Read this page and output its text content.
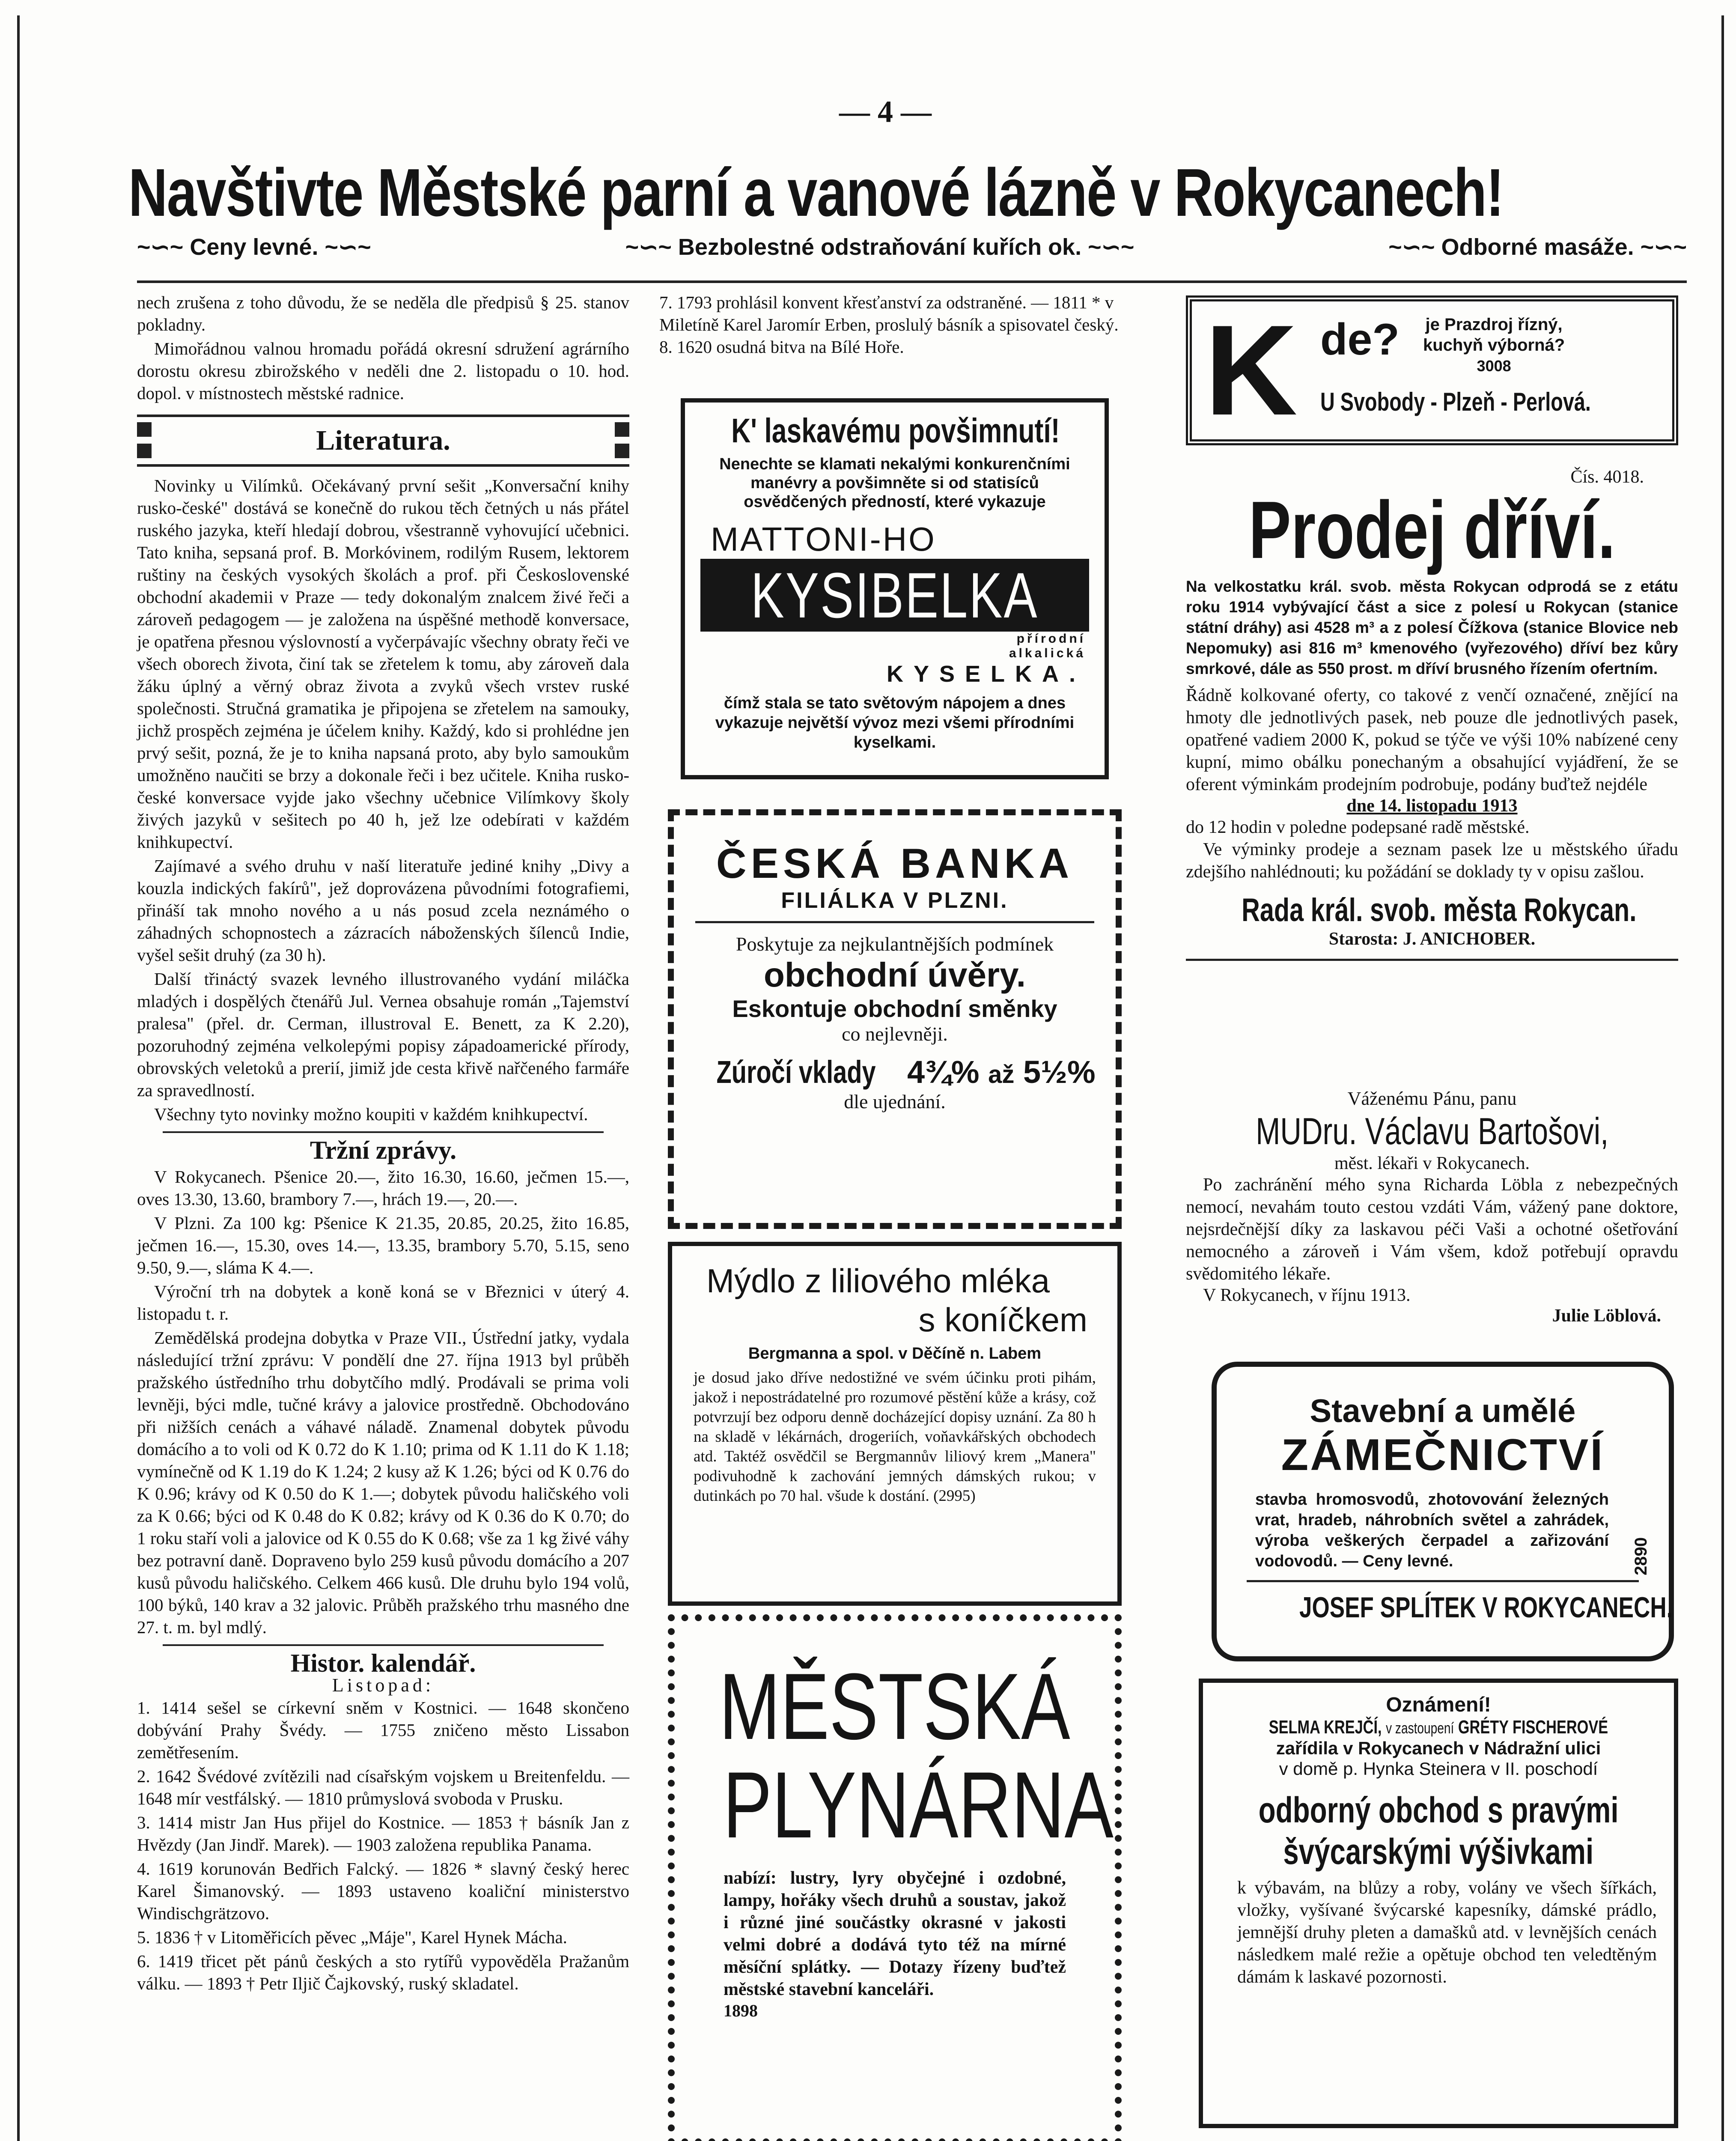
— 4 —
Navštivte Městské parní a vanové lázně v Rokycanech!
~∽~ Ceny levné. ~∽~	~∽~ Bezbolestné odstraňování kuřích ok. ~∽~	~∽~ Odborné masáže. ~∽~

nech zrušena z toho důvodu, že se neděla dle předpisů § 25. stanov pokladny.

Mimořádnou valnou hromadu pořádá okresní sdružení agrárního dorostu okresu zbirožského v neděli dne 2. listopadu o 10. hod. dopol. v místnostech městské radnice.

Literatura.

Novinky u Vilímků. Očekávaný první sešit „Konversační knihy rusko-české" dostává se konečně do rukou těch četných u nás přátel ruského jazyka, kteří hledají dobrou, všestranně vyhovující učebnici. Tato kniha, sepsaná prof. B. Morkóvinem, rodilým Rusem, lektorem ruštiny na českých vysokých školách a prof. při Československé obchodní akademii v Praze — tedy dokonalým znalcem živé řeči a zároveň pedagogem — je založena na úspěšné methodě konversace, je opatřena přesnou výslovností a vyčerpávajíc všechny obraty řeči ve všech oborech života, činí tak se zřetelem k tomu, aby zároveň dala žáku úplný a věrný obraz života a zvyků všech vrstev ruské společnosti. Stručná gramatika je připojena se zřetelem na samouky, jichž prospěch zejména je účelem knihy. Každý, kdo si prohlédne jen prvý sešit, pozná, že je to kniha napsaná proto, aby bylo samoukům umožněno naučiti se brzy a dokonale řeči i bez učitele. Kniha rusko-české konversace vyjde jako všechny učebnice Vilímkovy školy živých jazyků v sešitech po 40 h, jež lze odebírati v každém knihkupectví.

Zajímavé a svého druhu v naší literatuře jediné knihy „Divy a kouzla indických fakírů", jež doprovázena původními fotografiemi, přináší tak mnoho nového a u nás posud zcela neznámého o záhadných schopnostech a zázracích náboženských šílenců Indie, vyšel sešit druhý (za 30 h).

Další třináctý svazek levného illustrovaného vydání miláčka mladých i dospělých čtenářů Jul. Vernea obsahuje román „Tajemství pralesa" (přel. dr. Cerman, illustroval E. Benett, za K 2.20), pozoruhodný zejména velkolepými popisy západoamerické přírody, obrovských veletoků a prerií, jimiž jde cesta křivě nařčeného farmáře za spravedlností.

Všechny tyto novinky možno koupiti v každém knihkupectví.

Tržní zprávy.

V Rokycanech. Pšenice 20.—, žito 16.30, 16.60, ječmen 15.—, oves 13.30, 13.60, brambory 7.—, hrách 19.—, 20.—.

V Plzni. Za 100 kg: Pšenice K 21.35, 20.85, 20.25, žito 16.85, ječmen 16.—, 15.30, oves 14.—, 13.35, brambory 5.70, 5.15, seno 9.50, 9.—, sláma K 4.—.

Výroční trh na dobytek a koně koná se v Březnici v úterý 4. listopadu t. r.

Zemědělská prodejna dobytka v Praze VII., Ústřední jatky, vydala následující tržní zprávu: V pondělí dne 27. října 1913 byl průběh pražského ústředního trhu dobytčího mdlý. Prodávali se prima voli levněji, býci mdle, tučné krávy a jalovice prostředně. Obchodováno při nižších cenách a váhavé náladě. Znamenal dobytek původu domácího a to voli od K 0.72 do K 1.10; prima od K 1.11 do K 1.18; vymínečně od K 1.19 do K 1.24; 2 kusy až K 1.26; býci od K 0.76 do K 0.96; krávy od K 0.50 do K 1.—; dobytek původu haličského voli za K 0.66; býci od K 0.48 do K 0.82; krávy od K 0.36 do K 0.70; do 1 roku staří voli a jalovice od K 0.55 do K 0.68; vše za 1 kg živé váhy bez potravní daně. Dopraveno bylo 259 kusů původu domácího a 207 kusů původu haličského. Celkem 466 kusů. Dle druhu bylo 194 volů, 100 býků, 140 krav a 32 jalovic. Průběh pražského trhu masného dne 27. t. m. byl mdlý.

Histor. kalendář.
Listopad:

1. 1414 sešel se církevní sněm v Kostnici. — 1648 skončeno dobývání Prahy Švédy. — 1755 zničeno město Lissabon zemětřesením.

2. 1642 Švédové zvítězili nad císařským vojskem u Breitenfeldu. — 1648 mír vestfálský. — 1810 průmyslová svoboda v Prusku.

3. 1414 mistr Jan Hus přijel do Kostnice. — 1853 † básník Jan z Hvězdy (Jan Jindř. Marek). — 1903 založena republika Panama.

4. 1619 korunován Bedřich Falcký. — 1826 * slavný český herec Karel Šimanovský. — 1893 ustaveno koaliční ministerstvo Windischgrätzovo.

5. 1836 † v Litoměřicích pěvec „Máje", Karel Hynek Mácha.

6. 1419 třicet pět pánů českých a sto rytířů vypověděla Pražanům válku. — 1893 † Petr Iljič Čajkovský, ruský skladatel.

7. 1793 prohlásil konvent křesťanství za odstraněné. — 1811 * v Miletíně Karel Jaromír Erben, proslulý básník a spisovatel český.
8. 1620 osudná bitva na Bílé Hoře.
K' laskavému povšimnutí!
Nenechte se klamati nekalými konkurenčními manévry a povšimněte si od statisíců osvědčených předností, které vykazuje
MATTONI-HO
KYSIBELKA
přírodní
alkalická
KYSELKA.
čímž stala se tato světovým nápojem a dnes vykazuje největší vývoz mezi všemi přírodními kyselkami.
ČESKÁ BANKA
FILIÁLKA V PLZNI.
Poskytuje za nejkulantnějších podmínek
obchodní úvěry.
Eskontuje obchodní směnky
co nejlevněji.
Zúročí vklady 4¾% až 5½%
dle ujednání.
Mýdlo z liliového mléka
s koníčkem
Bergmanna a spol. v Děčíně n. Labem
je dosud jako dříve nedostižné ve svém účinku proti pihám, jakož i nepostrádatelné pro rozumové pěstění kůže a krásy, což potvrzují bez odporu denně docházející dopisy uznání. Za 80 h na skladě v lékárnách, drogeriích, voňavkářských obchodech atd. Taktéž osvědčil se Bergmannův liliový krem „Manera" podivuhodně k zachování jemných dámských rukou; v dutinkách po 70 hal. všude k dostání. (2995)
MĚSTSKÁ
PLYNÁRNA
nabízí: lustry, lyry obyčejné i ozdobné, lampy, hořáky všech druhů a soustav, jakož i různé jiné součástky okrasné v jakosti velmi dobré a dodává tyto též na mírné měsíční splátky. — Dotazy řízeny buďtež městské stavební kanceláři.
1898
K de? je Prazdroj řízný,
kuchyň výborná?
3008
U Svobody - Plzeň - Perlová.
Čís. 4018.
Prodej dříví.
Na velkostatku král. svob. města Rokycan odprodá se z etátu roku 1914 vybývající část a sice z polesí u Rokycan (stanice státní dráhy) asi 4528 m³ a z polesí Čížkova (stanice Blovice neb Nepomuky) asi 816 m³ kmenového (vyřezového) dříví bez kůry smrkové, dále as 550 prost. m dříví brusného řízením ofertním.
Řádně kolkované oferty, co takové z venčí označené, znějící na hmoty dle jednotlivých pasek, neb pouze dle jednotlivých pasek, opatřené vadiem 2000 K, pokud se týče ve výši 10% nabízené ceny kupní, mimo obálku ponechaným a obsahující vyjádření, že se oferent výminkám prodejním podrobuje, podány buďtež nejdéle
dne 14. listopadu 1913
do 12 hodin v poledne podepsané radě městské.
Ve výminky prodeje a seznam pasek lze u městského úřadu zdejšího nahlédnouti; ku požádání se doklady ty v opisu zašlou.
Rada král. svob. města Rokycan.
Starosta: J. ANICHOBER.
Váženému Pánu, panu
MUDru. Václavu Bartošovi,
měst. lékaři v Rokycanech.
Po zachránění mého syna Richarda Löbla z nebezpečných nemocí, nevahám touto cestou vzdáti Vám, vážený pane doktore, nejsrdečnější díky za laskavou péči Vaši a ochotné ošetřování nemocného a zároveň i Vám všem, kdož potřebují opravdu svědomitého lékaře.
V Rokycanech, v říjnu 1913.
Julie Löblová.
Stavební a umělé
ZÁMEČNICTVÍ
stavba hromosvodů, zhotovování železných vrat, hradeb, náhrobních světel a zahrádek, výroba veškerých čerpadel a zařizování vodovodů. — Ceny levné.
JOSEF SPLÍTEK V ROKYCANECH.
2890
Oznámení!
SELMA KREJČÍ, v zastoupení GRÉTY FISCHEROVÉ
zařídila v Rokycanech v Nádražní ulici
v domě p. Hynka Steinera v II. poschodí
odborný obchod s pravými
švýcarskými výšivkami
k výbavám, na blůzy a roby, volány ve všech šířkách, vložky, vyšívané švýcarské kapesníky, dámské prádlo, jemnější druhy pleten a damašků atd. v levnějších cenách následkem malé režie a opětuje obchod ten veledtěným dámám k laskavé pozornosti.
